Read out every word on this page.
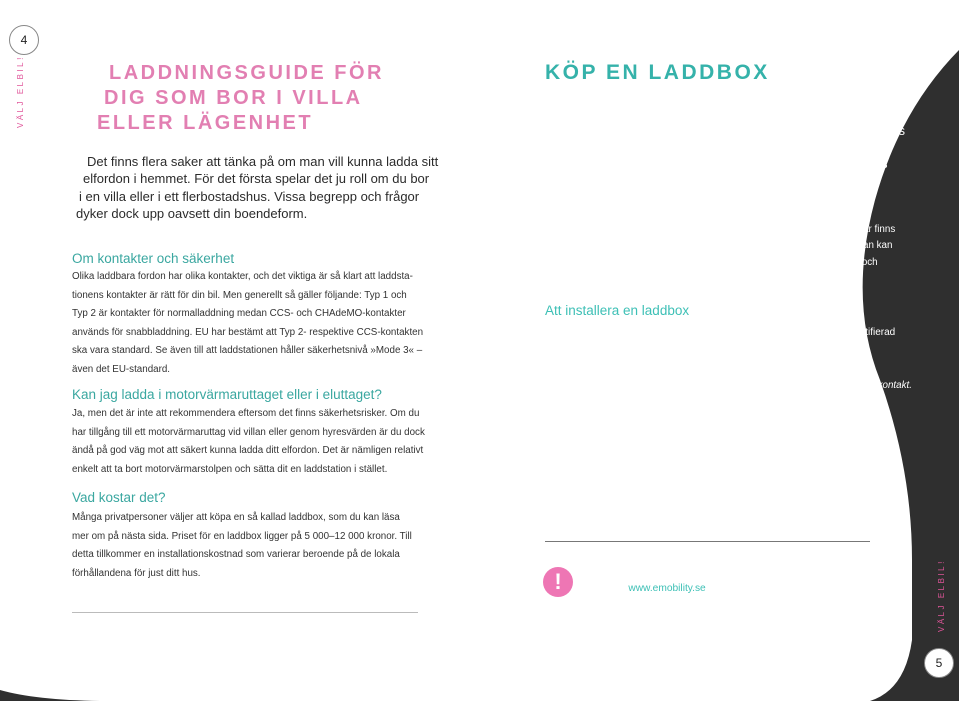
4
VÄLJ ELBIL!	LADDNINGSGUIDE FÖR
DIG SOM BOR I VILLA
ELLER LÄGENHET
Det finns flera saker att tänka på om man vill kunna ladda sitt
elfordon i hemmet. För det första spelar det ju roll om du bor
i en villa eller i ett flerbostadshus. Vissa begrepp och frågor
dyker dock upp oavsett din boendeform.
Om kontakter och säkerhet
Olika laddbara fordon har olika kontakter, och det viktiga är så klart att laddsta-
tionens kontakter är rätt för din bil. Men generellt så gäller följande: Typ 1 och
Typ 2 är kontakter för normalladdning medan CCS- och CHAdeMO-kontakter
används för snabbladdning. EU har bestämt att Typ 2- respektive CCS-kontakten
ska vara standard. Se även till att laddstationen håller säkerhetsnivå »Mode 3« –
även det EU-standard.
Kan jag ladda i motorvärmaruttaget eller i eluttaget?
Ja, men det är inte att rekommendera eftersom det finns säkerhetsrisker. Om du
har tillgång till ett motorvärmaruttag vid villan eller genom hyresvärden är du dock
ändå på god väg mot att säkert kunna ladda ditt elfordon. Det är nämligen relativt
enkelt att ta bort motorvärmarstolpen och sätta dit en laddstation i stället.
Vad kostar det?
Många privatpersoner väljer att köpa en så kallad laddbox, som du kan läsa
mer om på nästa sida. Priset för en laddbox ligger på 5 000–12 000 kronor. Till
detta tillkommer en installationskostnad som varierar beroende på de lokala
förhållandena för just ditt hus.
KÖP EN LADDBOX
En laddbox, eller wallbox som den heter på engelska, är en box
som sätts upp på väggen eller på en stolpe i anknytning till bilens
parkering. Denna laddbox är jämförbar med en normalladd-
ningsstation och är ett bra alternativ för många flerbostadshus
och villaägare.
En laddbox har två stora fördelar jämfört med att ladda direkt ur ett vanligt
vägguttag – det går snabbare att ladda och laddningen är säker. Laddboxar finns
i två utföranden, med fast laddkabel monterad eller med en kontakt där man kan
koppla in fordonets egen laddkabel. Laddboxarna har ofta Typ 2–kontakt och
håller den rekommenderade säkerhetsnivån Mode 3.
Att installera en laddbox
Installationen av en laddbox är enkel och smidig. Jobbet utförs av en certifierad
elinstallatör.
1
2
3
4
• Sök fram en lämplig leverantör och beställ en laddbox med Typ 2-kontakt.
• Boka tid med en elektriker för kontroll av husets elsystem och be
elektrikern ta fram en offert på helhetslösning.
• Boka tid för installation och få installationen utförd.
• Låt elektrikern slutbesikta och göra en kvalitetskontroll.
!	För en komplett guide till hur du skaffar din egen laddbox,
gå in på www.emobility.se	VÄLJ ELBIL!
5
